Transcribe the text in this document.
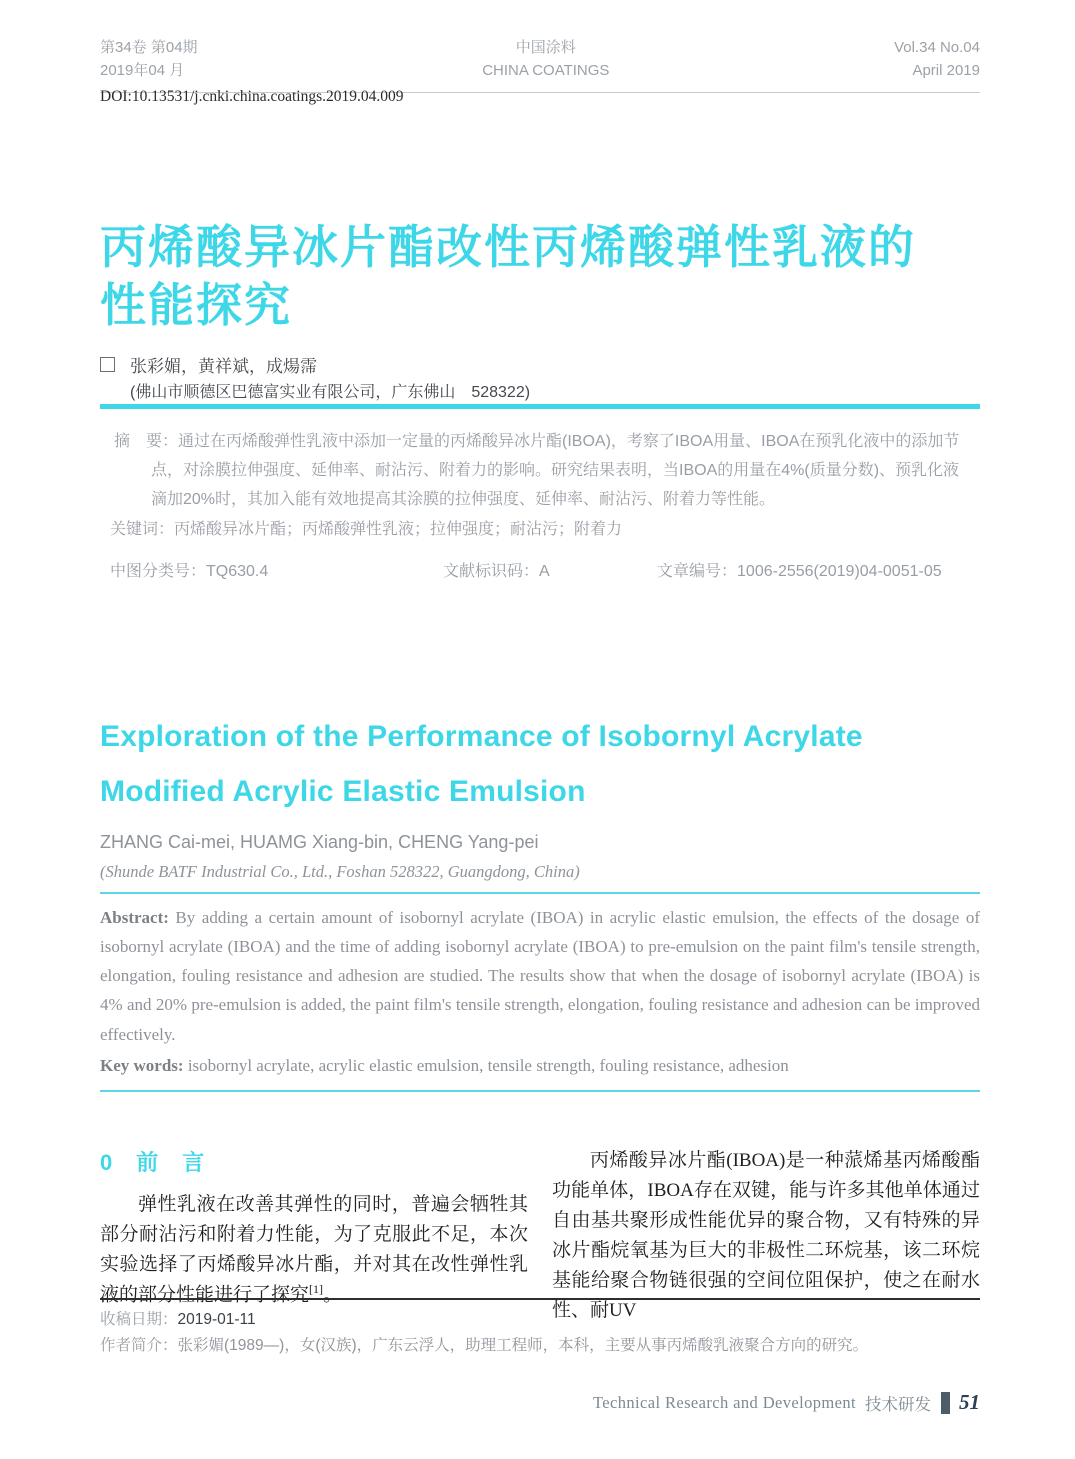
第34卷 第04期
2019年04 月
中国涂料
CHINA COATINGS
Vol.34 No.04
April 2019
DOI:10.13531/j.cnki.china.coatings.2019.04.009
丙烯酸异冰片酯改性丙烯酸弹性乳液的
性能探究
张彩媚，黄祥斌，成煬霈
(佛山市顺德区巴德富实业有限公司，广东佛山　528322)

摘　要：通过在丙烯酸弹性乳液中添加一定量的丙烯酸异冰片酯(IBOA)，考察了IBOA用量、IBOA在预乳化液中的添加节点，对涂膜拉伸强度、延伸率、耐沾污、附着力的影响。研究结果表明，当IBOA的用量在4%(质量分数)、预乳化液滴加20%时，其加入能有效地提高其涂膜的拉伸强度、延伸率、耐沾污、附着力等性能。

关键词：丙烯酸异冰片酯；丙烯酸弹性乳液；拉伸强度；耐沾污；附着力

中图分类号：TQ630.4	文献标识码：A	文章编号：1006-2556(2019)04-0051-05
Exploration of the Performance of Isobornyl Acrylate
Modified Acrylic Elastic Emulsion
ZHANG Cai-mei, HUAMG Xiang-bin, CHENG Yang-pei
(Shunde BATF Industrial Co., Ltd., Foshan 528322, Guangdong, China)

Abstract: By adding a certain amount of isobornyl acrylate (IBOA) in acrylic elastic emulsion, the effects of the dosage of isobornyl acrylate (IBOA) and the time of adding isobornyl acrylate (IBOA) to pre-emulsion on the paint film's tensile strength, elongation, fouling resistance and adhesion are studied. The results show that when the dosage of isobornyl acrylate (IBOA) is 4% and 20% pre-emulsion is added, the paint film's tensile strength, elongation, fouling resistance and adhesion can be improved effectively.

Key words: isobornyl acrylate, acrylic elastic emulsion, tensile strength, fouling resistance, adhesion

0　前　言

弹性乳液在改善其弹性的同时，普遍会牺牲其部分耐沾污和附着力性能，为了克服此不足，本次实验选择了丙烯酸异冰片酯，并对其在改性弹性乳液的部分性能进行了探究[1]。

丙烯酸异冰片酯(IBOA)是一种蒎烯基丙烯酸酯功能单体，IBOA存在双键，能与许多其他单体通过自由基共聚形成性能优异的聚合物，又有特殊的异冰片酯烷氧基为巨大的非极性二环烷基，该二环烷基能给聚合物链很强的空间位阻保护，使之在耐水性、耐UV

收稿日期：2019-01-11
作者简介：张彩媚(1989—)，女(汉族)，广东云浮人，助理工程师，本科，主要从事丙烯酸乳液聚合方向的研究。
Technical Research and Development 技术研发 51
